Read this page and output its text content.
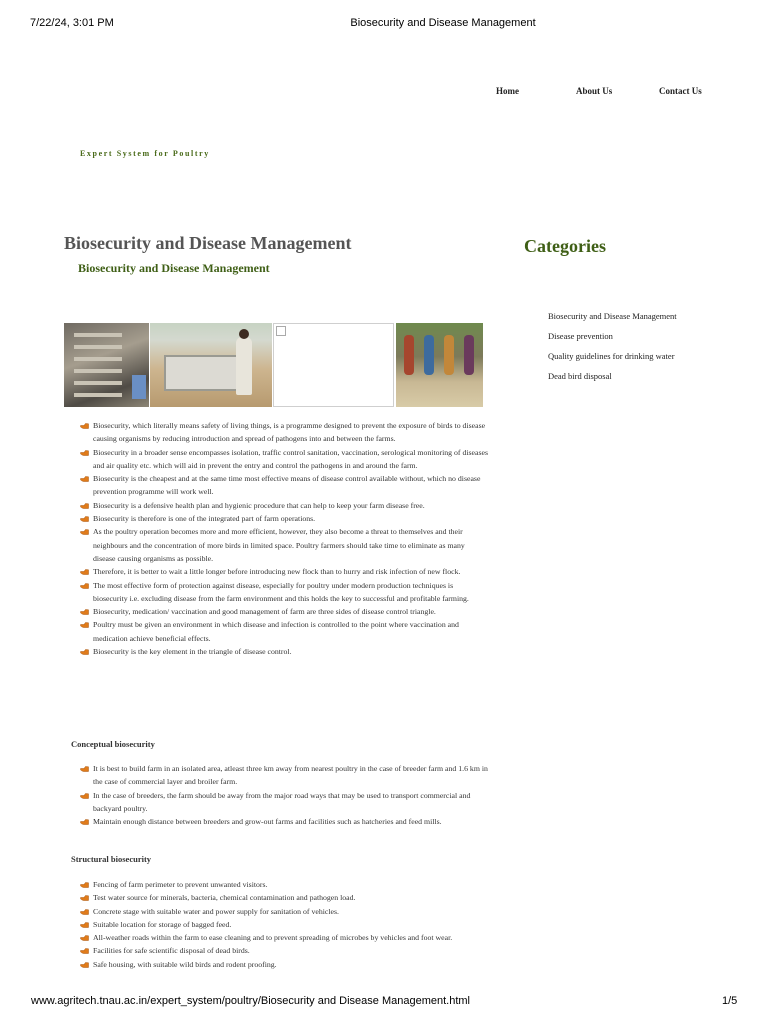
7/22/24, 3:01 PM	Biosecurity and Disease Management
Home	About Us	Contact Us
Expert System for Poultry
Biosecurity and Disease Management
Biosecurity and Disease Management
Categories
Biosecurity and Disease Management
Disease prevention
Quality guidelines for drinking water
Dead bird disposal
Biosecurity, which literally means safety of living things, is a programme designed to prevent the exposure of birds to disease causing organisms by reducing introduction and spread of pathogens into and between the farms.
Biosecurity in a broader sense encompasses isolation, traffic control sanitation, vaccination, serological monitoring of diseases and air quality etc. which will aid in prevent the entry and control the pathogens in and around the farm.
Biosecurity is the cheapest and at the same time most effective means of disease control available without, which no disease prevention programme will work well.
Biosecurity is a defensive health plan and hygienic procedure that can help to keep your farm disease free.
Biosecurity is therefore is one of the integrated part of farm operations.
As the poultry operation becomes more and more efficient, however, they also become a threat to themselves and their neighbours and the concentration of more birds in limited space. Poultry farmers should take time to eliminate as many disease causing organisms as possible.
Therefore, it is better to wait a little longer before introducing new flock than to hurry and risk infection of new flock.
The most effective form of protection against disease, especially for poultry under modern production techniques is biosecurity i.e. excluding disease from the farm environment and this holds the key to successful and profitable farming.
Biosecurity, medication/ vaccination and good management of farm are three sides of disease control triangle.
Poultry must be given an environment in which disease and infection is controlled to the point where vaccination and medication achieve beneficial effects.
Biosecurity is the key element in the triangle of disease control.
Conceptual biosecurity
It is best to build farm in an isolated area, atleast three km away from nearest poultry in the case of breeder farm and 1.6 km in the case of commercial layer and broiler farm.
In the case of breeders, the farm should be away from the major road ways that may be used to transport commercial and backyard poultry.
Maintain enough distance between breeders and grow-out farms and facilities such as hatcheries and feed mills.
Structural biosecurity
Fencing of farm perimeter to prevent unwanted visitors.
Test water source for minerals, bacteria, chemical contamination and pathogen load.
Concrete stage with suitable water and power supply for sanitation of vehicles.
Suitable location for storage of bagged feed.
All-weather roads within the farm to ease cleaning and to prevent spreading of microbes by vehicles and foot wear.
Facilities for safe scientific disposal of dead birds.
Safe housing, with suitable wild birds and rodent proofing.
www.agritech.tnau.ac.in/expert_system/poultry/Biosecurity and Disease Management.html	1/5
